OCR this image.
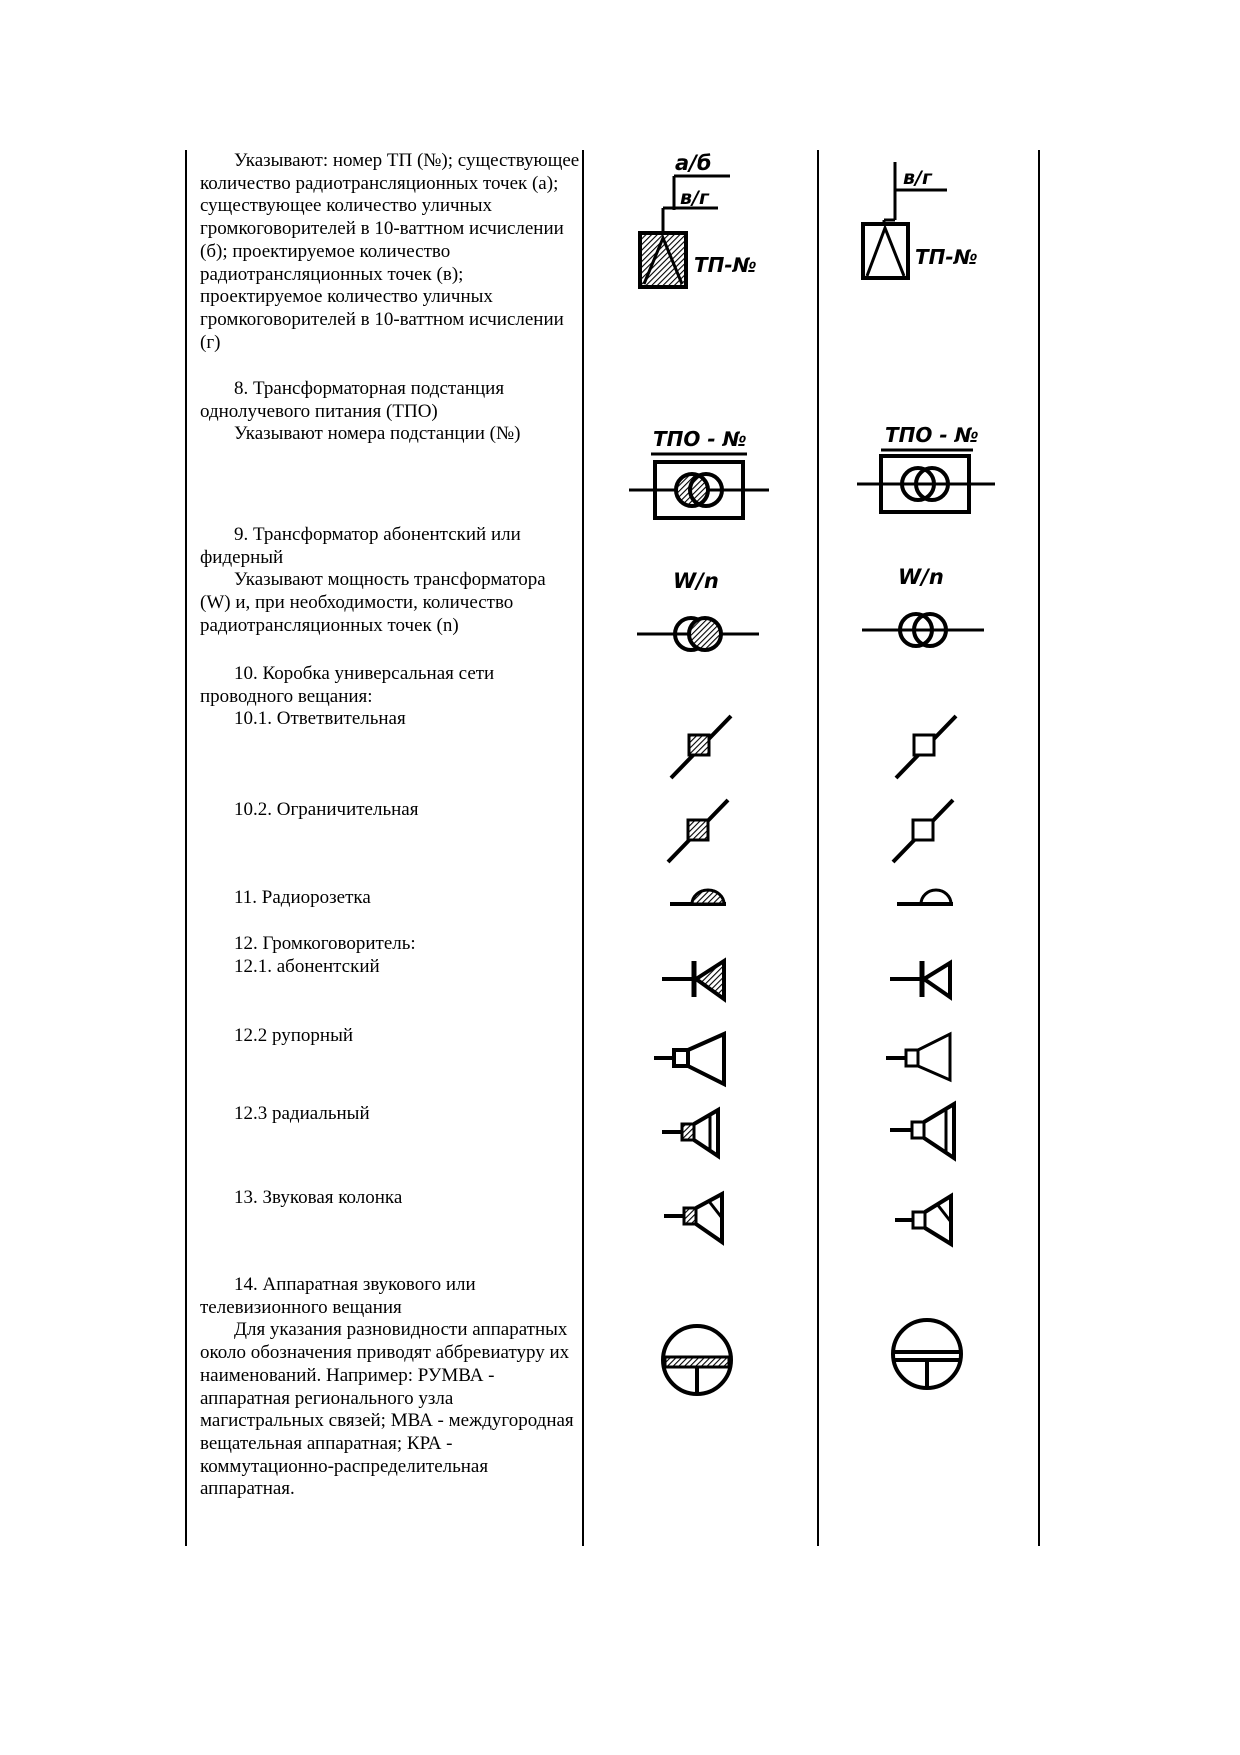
Указывают: номер ТП (№); существующее количество радиотрансляционных точек (а); существующее количество уличных громкоговорителей в 10-ваттном исчислении (б); проектируемое количество радиотрансляционных точек (в); проектируемое количество уличных громкоговорителей в 10-ваттном исчислении (г)

8. Трансформаторная подстанция однолучевого питания (ТПО)

Указывают номера подстанции (№)

9. Трансформатор абонентский или фидерный

Указывают мощность трансформатора (W) и, при необходимости, количество радиотрансляционных точек (n)

10. Коробка универсальная сети проводного вещания:

10.1. Ответвительная

10.2. Ограничительная

11. Радиорозетка

12. Громкоговоритель:

12.1. абонентский

12.2 рупорный

12.3 радиальный

13. Звуковая колонка

14. Аппаратная звукового или телевизионного вещания

Для указания разновидности аппаратных около обозначения приводят аббревиатуру их наименований. Например: РУМВА - аппаратная регионального узла магистральных связей; МВА - междугородная вещательная аппаратная; КРА - коммутационно-распределительная аппаратная.

а/б
в/г
ТП-№
в/г
ТП-№
ТПО - №	ТПО - №
W/n	W/n
